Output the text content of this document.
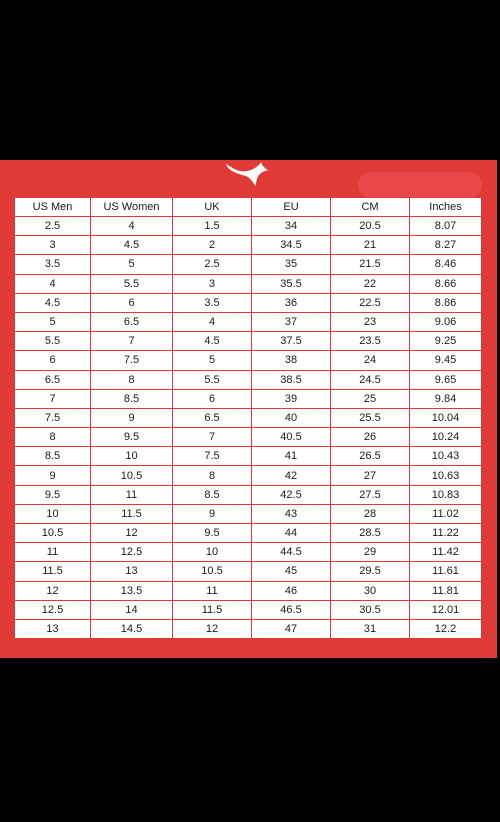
US Men	US Women	UK	EU	CM	Inches
2.5	4	1.5	34	20.5	8.07
3	4.5	2	34.5	21	8.27
3.5	5	2.5	35	21.5	8.46
4	5.5	3	35.5	22	8.66
4.5	6	3.5	36	22.5	8.86
5	6.5	4	37	23	9.06
5.5	7	4.5	37.5	23.5	9.25
6	7.5	5	38	24	9.45
6.5	8	5.5	38.5	24.5	9.65
7	8.5	6	39	25	9.84
7.5	9	6.5	40	25.5	10.04
8	9.5	7	40.5	26	10.24
8.5	10	7.5	41	26.5	10.43
9	10.5	8	42	27	10.63
9.5	11	8.5	42.5	27.5	10.83
10	11.5	9	43	28	11.02
10.5	12	9.5	44	28.5	11.22
11	12.5	10	44.5	29	11.42
11.5	13	10.5	45	29.5	11.61
12	13.5	11	46	30	11.81
12.5	14	11.5	46.5	30.5	12.01
13	14.5	12	47	31	12.2
